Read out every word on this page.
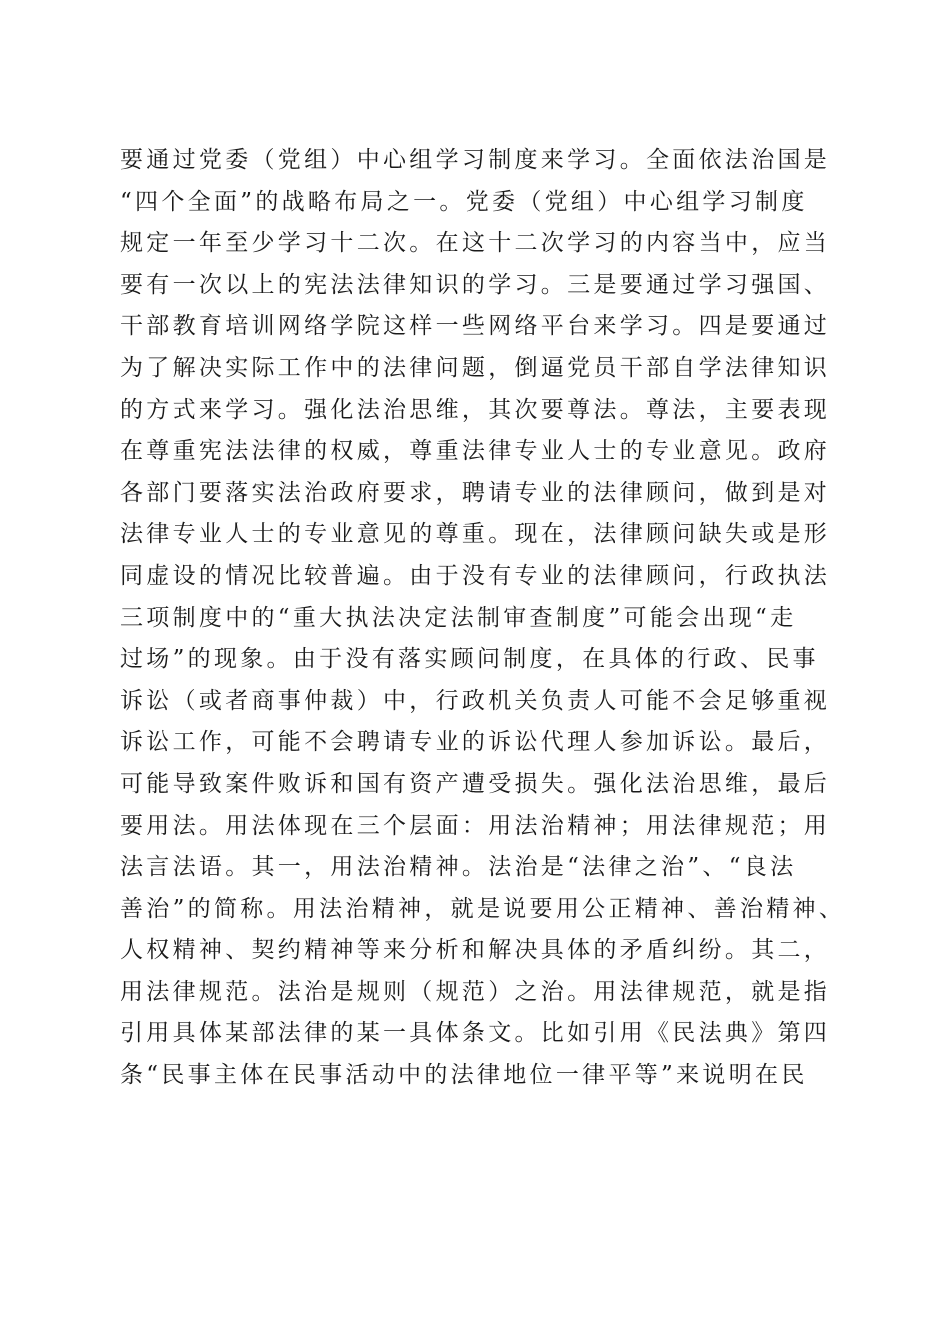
要通过党委（党组）中心组学习制度来学习。全面依法治国是
“四个全面”的战略布局之一。党委（党组）中心组学习制度
规定一年至少学习十二次。在这十二次学习的内容当中，应当
要有一次以上的宪法法律知识的学习。三是要通过学习强国、
干部教育培训网络学院这样一些网络平台来学习。四是要通过
为了解决实际工作中的法律问题，倒逼党员干部自学法律知识
的方式来学习。强化法治思维，其次要尊法。尊法，主要表现
在尊重宪法法律的权威，尊重法律专业人士的专业意见。政府
各部门要落实法治政府要求，聘请专业的法律顾问，做到是对
法律专业人士的专业意见的尊重。现在，法律顾问缺失或是形
同虚设的情况比较普遍。由于没有专业的法律顾问，行政执法
三项制度中的“重大执法决定法制审查制度”可能会出现“走
过场”的现象。由于没有落实顾问制度，在具体的行政、民事
诉讼（或者商事仲裁）中，行政机关负责人可能不会足够重视
诉讼工作，可能不会聘请专业的诉讼代理人参加诉讼。最后，
可能导致案件败诉和国有资产遭受损失。强化法治思维，最后
要用法。用法体现在三个层面：用法治精神；用法律规范；用
法言法语。其一，用法治精神。法治是“法律之治”、“良法
善治”的简称。用法治精神，就是说要用公正精神、善治精神、
人权精神、契约精神等来分析和解决具体的矛盾纠纷。其二，
用法律规范。法治是规则（规范）之治。用法律规范，就是指
引用具体某部法律的某一具体条文。比如引用《民法典》第四
条“民事主体在民事活动中的法律地位一律平等”来说明在民
